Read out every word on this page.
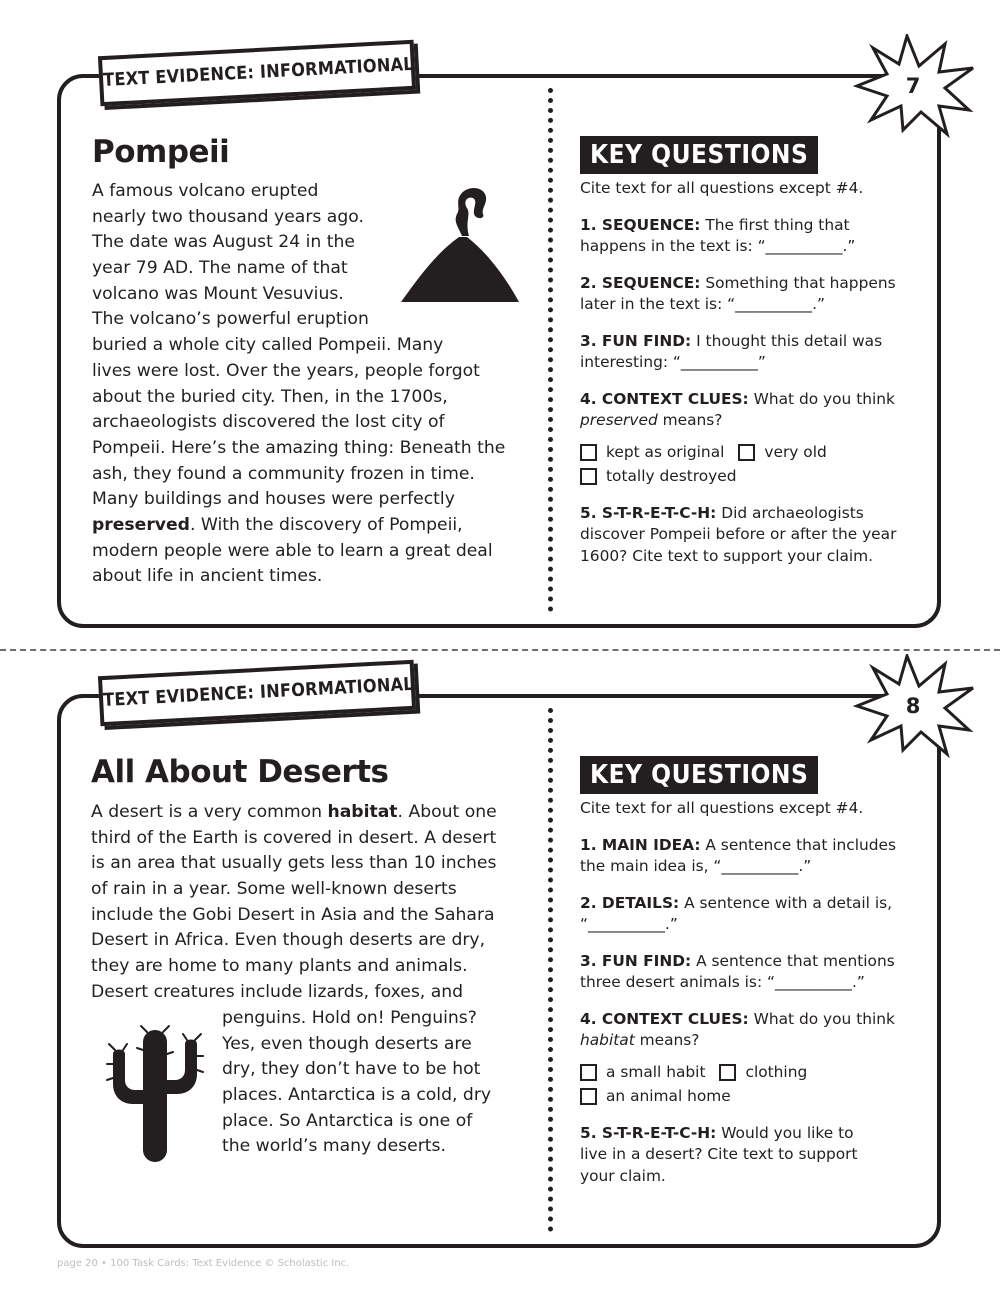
TEXT EVIDENCE: INFORMATIONAL	7
Pompeii
A famous volcano erupted
nearly two thousand years ago.
The date was August 24 in the
year 79 AD. The name of that
volcano was Mount Vesuvius.
The volcano’s powerful eruption
buried a whole city called Pompeii. Many
lives were lost. Over the years, people forgot
about the buried city. Then, in the 1700s,
archaeologists discovered the lost city of
Pompeii. Here’s the amazing thing: Beneath the
ash, they found a community frozen in time.
Many buildings and houses were perfectly
preserved. With the discovery of Pompeii,
modern people were able to learn a great deal
about life in ancient times.
KEY QUESTIONS
Cite text for all questions except #4.
1. SEQUENCE: The first thing that
happens in the text is: “__________.”
2. SEQUENCE: Something that happens
later in the text is: “__________.”
3. FUN FIND: I thought this detail was
interesting: “__________”
4. CONTEXT CLUES: What do you think
preserved means?
kept as original	very old
totally destroyed
5. S-T-R-E-T-C-H: Did archaeologists
discover Pompeii before or after the year
1600? Cite text to support your claim.
TEXT EVIDENCE: INFORMATIONAL	8
All About Deserts
A desert is a very common habitat. About one
third of the Earth is covered in desert. A desert
is an area that usually gets less than 10 inches
of rain in a year. Some well-known deserts
include the Gobi Desert in Asia and the Sahara
Desert in Africa. Even though deserts are dry,
they are home to many plants and animals.
Desert creatures include lizards, foxes, and
penguins. Hold on! Penguins?
Yes, even though deserts are
dry, they don’t have to be hot
places. Antarctica is a cold, dry
place. So Antarctica is one of
the world’s many deserts.
KEY QUESTIONS
Cite text for all questions except #4.
1. MAIN IDEA: A sentence that includes
the main idea is, “__________.”
2. DETAILS: A sentence with a detail is,
“__________.”
3. FUN FIND: A sentence that mentions
three desert animals is: “__________.”
4. CONTEXT CLUES: What do you think
habitat means?
a small habit	clothing
an animal home
5. S-T-R-E-T-C-H: Would you like to
live in a desert? Cite text to support
your claim.
page 20 • 100 Task Cards: Text Evidence © Scholastic Inc.
